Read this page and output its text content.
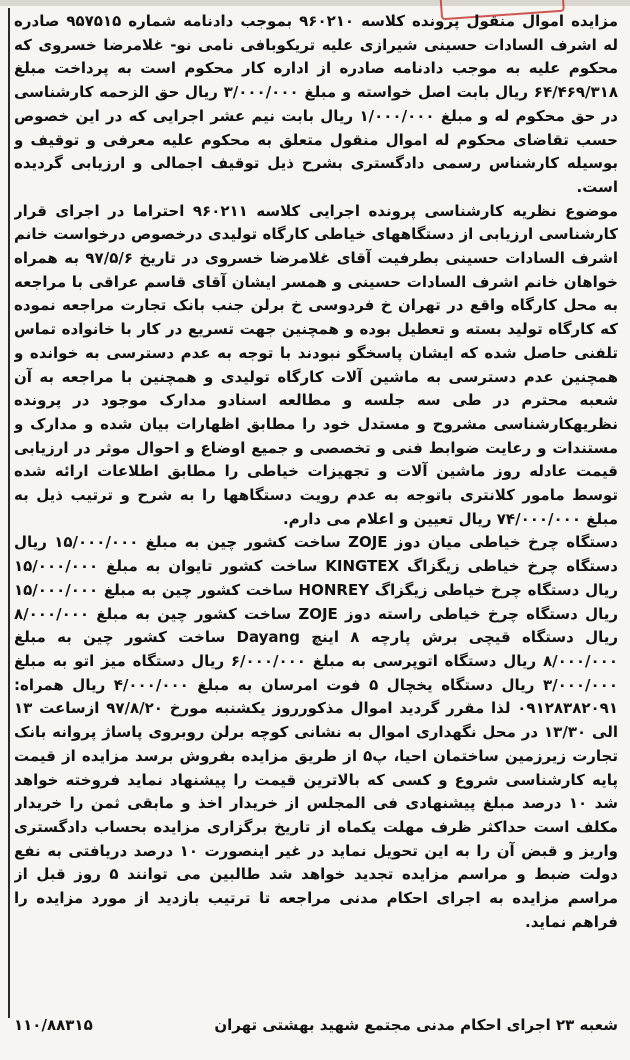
مزایده اموال منقول پرونده کلاسه ۹۶۰۲۱۰ بموجب دادنامه شماره ۹۵۷۵۱۵ صادره له اشرف السادات حسینی شیرازی علیه تریکوبافی نامی نو- غلامرضا خسروی که محکوم علیه به موجب دادنامه صادره از اداره کار محکوم است به پرداخت مبلغ ۶۴/۴۶۹/۳۱۸ ریال بابت اصل خواسته و مبلغ ۳/۰۰۰/۰۰۰ ریال حق الزحمه کارشناسی در حق محکوم له و مبلغ ۱/۰۰۰/۰۰۰ ریال بابت نیم عشر اجرایی که در این خصوص حسب تقاضای محکوم له اموال منقول متعلق به محکوم علیه معرفی و توقیف و بوسیله کارشناس رسمی دادگستری بشرح ذیل توقیف اجمالی و ارزیابی گردیده است.

موضوع نظریه کارشناسی پرونده اجرایی کلاسه ۹۶۰۲۱۱ احتراما در اجرای قرار کارشناسی ارزیابی از دستگاههای خیاطی کارگاه تولیدی درخصوص درخواست خانم اشرف السادات حسینی بطرفیت آقای غلامرضا خسروی در تاریخ ۹۷/۵/۶ به همراه خواهان خانم اشرف السادات حسینی و همسر ایشان آقای قاسم عراقی با مراجعه به محل کارگاه واقع در تهران خ فردوسی خ برلن جنب بانک تجارت مراجعه نموده که کارگاه تولید بسته و تعطیل بوده و همچنین جهت تسریع در کار با خانواده تماس تلفنی حاصل شده که ایشان پاسخگو نبودند با توجه به عدم دسترسی به خوانده و همچنین عدم دسترسی به ماشین آلات کارگاه تولیدی و همچنین با مراجعه به آن شعبه محترم در طی سه جلسه و مطالعه اسنادو مدارک موجود در پرونده نظریهکارشناسی مشروح و مستدل خود را مطابق اظهارات بیان شده و مدارک و مستندات و رعایت ضوابط فنی و تخصصی و جمیع اوضاع و احوال موثر در ارزیابی قیمت عادله روز ماشین آلات و تجهیزات خیاطی را مطابق اطلاعات ارائه شده توسط مامور کلانتری باتوجه به عدم رویت دستگاهها را به شرح و ترتیب ذیل به مبلغ ۷۴/۰۰۰/۰۰۰ ریال تعیین و اعلام می دارم.

دستگاه چرخ خیاطی میان دوز ZOJE ساخت کشور چین به مبلغ ۱۵/۰۰۰/۰۰۰ ریال دستگاه چرخ خیاطی زیگزاگ KINGTEX ساخت کشور تایوان به مبلغ ۱۵/۰۰۰/۰۰۰ ریال دستگاه چرخ خیاطی زیگزاگ HONREY ساخت کشور چین به مبلغ ۱۵/۰۰۰/۰۰۰ ریال دستگاه چرخ خیاطی راسته دوز ZOJE ساخت کشور چین به مبلغ ۸/۰۰۰/۰۰۰ ریال دستگاه قیچی برش پارچه ۸ اینچ Dayang ساخت کشور چین به مبلغ ۸/۰۰۰/۰۰۰ ریال دستگاه اتوپرسی به مبلغ ۶/۰۰۰/۰۰۰ ریال دستگاه میز اتو به مبلغ ۳/۰۰۰/۰۰۰ ریال دستگاه یخچال ۵ فوت امرسان به مبلغ ۴/۰۰۰/۰۰۰ ریال همراه: ۰۹۱۲۸۳۸۲۰۹۱ لذا مقرر گردید اموال مذکورروز یکشنبه مورخ ۹۷/۸/۲۰ ازساعت ۱۳ الی ۱۳/۳۰ در محل نگهداری اموال به نشانی کوچه برلن روبروی پاساژ پروانه بانک تجارت زیرزمین ساختمان احیا، پ۵ از طریق مزایده بفروش برسد مزایده از قیمت پایه کارشناسی شروع و کسی که بالاترین قیمت را پیشنهاد نماید فروخته خواهد شد ۱۰ درصد مبلغ پیشنهادی فی المجلس از خریدار اخذ و مابقی ثمن را خریدار مکلف است حداکثر ظرف مهلت یکماه از تاریخ برگزاری مزایده بحساب دادگستری واریز و قبض آن را به این تحویل نماید در غیر اینصورت ۱۰ درصد دریافتی به نفع دولت ضبط و مراسم مزایده تجدید خواهد شد طالبین می توانند ۵ روز قبل از مراسم مزایده به اجرای احکام مدنی مراجعه تا ترتیب بازدید از مورد مزایده را فراهم نماید.

شعبه ۲۳ اجرای احکام مدنی مجتمع شهید بهشتی تهران
۱۱۰/۸۸۳۱۵
